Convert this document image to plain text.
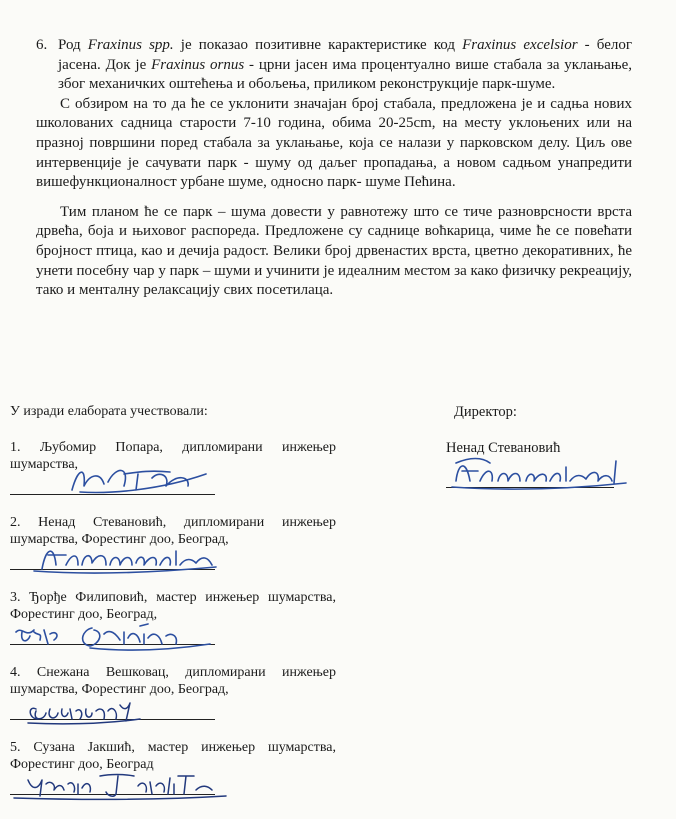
6. Род Fraxinus spp. је показао позитивне карактеристике код Fraxinus excelsior - белог јасена. Док је Fraxinus ornus - црни јасен има процентуално више стабала за уклањање, због механичких оштећења и обољења, приликом реконструкције парк-шуме.

С обзиром на то да ће се уклонити значајан број стабала, предложена је и садња нових школованих садница старости 7-10 година, обима 20-25cm, на месту уклоњених или на празној површини поред стабала за уклањање, која се налази у парковском делу. Циљ ове интервенције је сачувати парк - шуму од даљег пропадања, а новом садњом унапредити вишефункционалност урбане шуме, односно парк- шуме Пећина.

Тим планом ће се парк – шума довести у равнотежу што се тиче разноврсности врста дрвећа, боја и њиховог распореда. Предложене су саднице воћкарица, чиме ће се повећати бројност птица, као и дечија радост. Велики број дрвенастих врста, цветно декоративних, ће унети посебну чар у парк – шуми и учинити је идеалним местом за како физичку рекреацију, тако и менталну релаксацију свих посетилаца.

У изради елабората учествовали:
1. Љубомир Попара, дипломирани инжењер шумарства,
2. Ненад Стевановић, дипломирани инжењер шумарства, Форестинг доо, Београд,
3. Ђорђе Филиповић, мастер инжењер шумарства, Форестинг доо, Београд,
4. Снежана Вешковац, дипломирани инжењер шумарства, Форестинг доо, Београд,
5. Сузана Јакшић, мастер инжењер шумарства, Форестинг доо, Београд
Директор:
Ненад Стевановић
